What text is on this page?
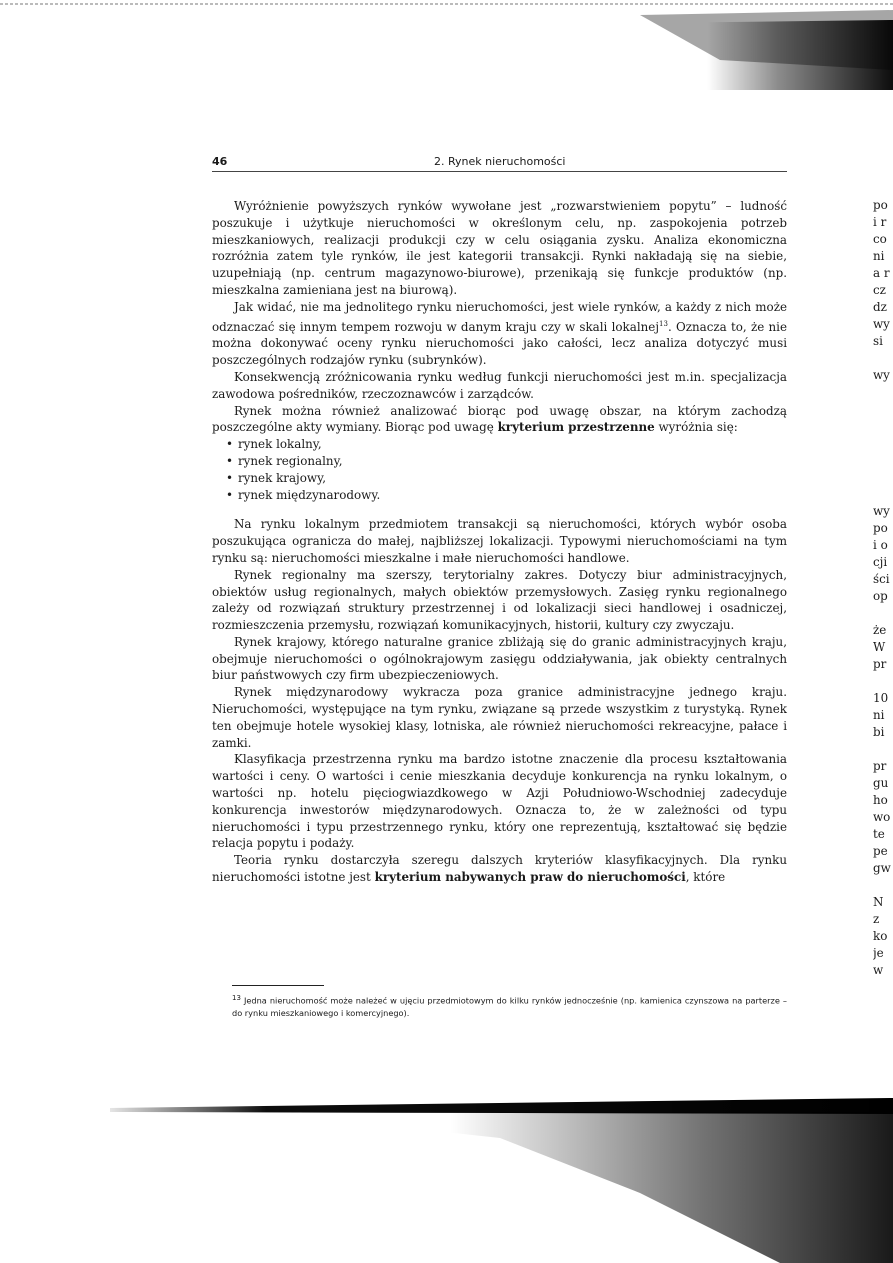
46	2. Rynek nieruchomości

Wyróżnienie powyższych rynków wywołane jest „rozwarstwieniem popytu” – ludność poszukuje i użytkuje nieruchomości w określonym celu, np. zaspokojenia potrzeb mieszkaniowych, realizacji produkcji czy w celu osiągania zysku. Analiza ekonomiczna rozróżnia zatem tyle rynków, ile jest kategorii transakcji. Rynki nakładają się na siebie, uzupełniają (np. centrum magazynowo-biurowe), przenikają się funkcje produktów (np. mieszkalna zamieniana jest na biurową).

Jak widać, nie ma jednolitego rynku nieruchomości, jest wiele rynków, a każdy z nich może odznaczać się innym tempem rozwoju w danym kraju czy w skali lokalnej$^{13}$. Oznacza to, że nie można dokonywać oceny rynku nieruchomości jako całości, lecz analiza dotyczyć musi poszczególnych rodzajów rynku (subrynków).

Konsekwencją zróżnicowania rynku według funkcji nieruchomości jest m.in. specjalizacja zawodowa pośredników, rzeczoznawców i zarządców.

Rynek można również analizować biorąc pod uwagę obszar, na którym zachodzą poszczególne akty wymiany. Biorąc pod uwagę kryterium przestrzenne wyróżnia się:

• rynek lokalny,
• rynek regionalny,
• rynek krajowy,
• rynek międzynarodowy.

Na rynku lokalnym przedmiotem transakcji są nieruchomości, których wybór osoba poszukująca ogranicza do małej, najbliższej lokalizacji. Typowymi nieruchomościami na tym rynku są: nieruchomości mieszkalne i małe nieruchomości handlowe.

Rynek regionalny ma szerszy, terytorialny zakres. Dotyczy biur administracyjnych, obiektów usług regionalnych, małych obiektów przemysłowych. Zasięg rynku regionalnego zależy od rozwiązań struktury przestrzennej i od lokalizacji sieci handlowej i osadniczej, rozmieszczenia przemysłu, rozwiązań komunikacyjnych, historii, kultury czy zwyczaju.

Rynek krajowy, którego naturalne granice zbliżają się do granic administracyjnych kraju, obejmuje nieruchomości o ogólnokrajowym zasięgu oddziaływania, jak obiekty centralnych biur państwowych czy firm ubezpieczeniowych.

Rynek międzynarodowy wykracza poza granice administracyjne jednego kraju. Nieruchomości, występujące na tym rynku, związane są przede wszystkim z turystyką. Rynek ten obejmuje hotele wysokiej klasy, lotniska, ale również nieruchomości rekreacyjne, pałace i zamki.

Klasyfikacja przestrzenna rynku ma bardzo istotne znaczenie dla procesu kształtowania wartości i ceny. O wartości i cenie mieszkania decyduje konkurencja na rynku lokalnym, o wartości np. hotelu pięciogwiazdkowego w Azji Południowo-Wschodniej zadecyduje konkurencja inwestorów międzynarodowych. Oznacza to, że w zależności od typu nieruchomości i typu przestrzennego rynku, który one reprezentują, kształtować się będzie relacja popytu i podaży.

Teoria rynku dostarczyła szeregu dalszych kryteriów klasyfikacyjnych. Dla rynku nieruchomości istotne jest kryterium nabywanych praw do nieruchomości, które

$^{13}$ Jedna nieruchomość może należeć w ujęciu przedmiotowym do kilku rynków jednocześnie (np. kamienica czynszowa na parterze – do rynku mieszkaniowego i komercyjnego).
po
i r
co
ni
a r
cz
dz
wy
si
wy
wy
po
i o
cji
ści
op
że
W
pr
10
ni
bi
pr
gu
ho
wo
te
pe
gw
N
z
ko
je
w
